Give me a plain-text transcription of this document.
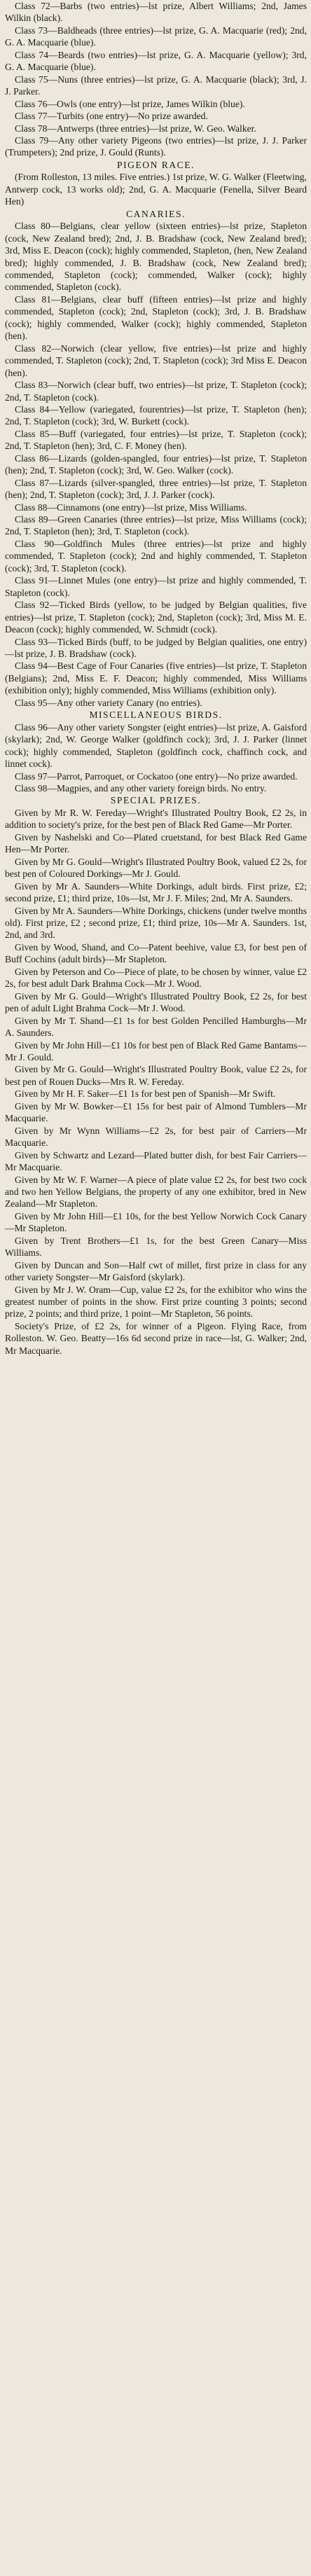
Class 72—Barbs (two entries)—lst prize, Albert Williams; 2nd, James Wilkin (black).

Class 73—Baldheads (three entries)—lst prize, G. A. Macquarie (red); 2nd, G. A. Macquarie (blue).

Class 74—Beards (two entries)—lst prize, G. A. Macquarie (yellow); 3rd, G. A. Macquarie (blue).

Class 75—Nuns (three entries)—lst prize, G. A. Macquarie (black); 3rd, J. J. Parker.

Class 76—Owls (one entry)—lst prize, James Wilkin (blue).

Class 77—Turbits (one entry)—No prize awarded.

Class 78—Antwerps (three entries)—lst prize, W. Geo. Walker.

Class 79—Any other variety Pigeons (two entries)—lst prize, J. J. Parker (Trumpeters); 2nd prize, J. Gould (Runts).

PIGEON RACE.

(From Rolleston, 13 miles. Five entries.) 1st prize, W. G. Walker (Fleetwing, Antwerp cock, 13 works old); 2nd, G. A. Macquarie (Fenella, Silver Beard Hen)

CANARIES.

Class 80—Belgians, clear yellow (sixteen entries)—lst prize, Stapleton (cock, New Zealand bred); 2nd, J. B. Bradshaw (cock, New Zealand bred); 3rd, Miss E. Deacon (cock); highly commended, Stapleton, (hen, New Zealand bred); highly commended, J. B. Bradshaw (cock, New Zealand bred); commended, Stapleton (cock); commended, Walker (cock); highly commended, Stapleton (cock).

Class 81—Belgians, clear buff (fifteen entries)—lst prize and highly commended, Stapleton (cock); 2nd, Stapleton (cock); 3rd, J. B. Bradshaw (cock); highly commended, Walker (cock); highly commended, Stapleton (hen).

Class 82—Norwich (clear yellow, five entries)—lst prize and highly commended, T. Stapleton (cock); 2nd, T. Stapleton (cock); 3rd Miss E. Deacon (hen).

Class 83—Norwich (clear buff, two entries)—lst prize, T. Stapleton (cock); 2nd, T. Stapleton (cock).

Class 84—Yellow (variegated, fourentries)—lst prize, T. Stapleton (hen); 2nd, T. Stapleton (cock); 3rd, W. Burkett (cock).

Class 85—Buff (variegated, four entries)—lst prize, T. Stapleton (cock); 2nd, T. Stapleton (hen); 3rd, C. F. Money (hen).

Class 86—Lizards (golden-spangled, four entries)—lst prize, T. Stapleton (hen); 2nd, T. Stapleton (cock); 3rd, W. Geo. Walker (cock).

Class 87—Lizards (silver-spangled, three entries)—lst prize, T. Stapleton (hen); 2nd, T. Stapleton (cock); 3rd, J. J. Parker (cock).

Class 88—Cinnamons (one entry)—lst prize, Miss Williams.

Class 89—Green Canaries (three entries)—lst prize, Miss Williams (cock); 2nd, T. Stapleton (hen); 3rd, T. Stapleton (cock).

Class 90—Goldfinch Mules (three entries)—lst prize and highly commended, T. Stapleton (cock); 2nd and highly commended, T. Stapleton (cock); 3rd, T. Stapleton (cock).

Class 91—Linnet Mules (one entry)—lst prize and highly commended, T. Stapleton (cock).

Class 92—Ticked Birds (yellow, to be judged by Belgian qualities, five entries)—lst prize, T. Stapleton (cock); 2nd, Stapleton (cock); 3rd, Miss M. E. Deacon (cock); highly commended, W. Schmidt (cock).

Class 93—Ticked Birds (buff, to be judged by Belgian qualities, one entry)—lst prize, J. B. Bradshaw (cock).

Class 94—Best Cage of Four Canaries (five entries)—lst prize, T. Stapleton (Belgians); 2nd, Miss E. F. Deacon; highly commended, Miss Williams (exhibition only); highly commended, Miss Williams (exhibition only).

Class 95—Any other variety Canary (no entries).

MISCELLANEOUS BIRDS.

Class 96—Any other variety Songster (eight entries)—lst prize, A. Gaisford (skylark); 2nd, W. George Walker (goldfinch cock); 3rd, J. J. Parker (linnet cock); highly commended, Stapleton (goldfinch cock, chaffinch cock, and linnet cock).

Class 97—Parrot, Parroquet, or Cockatoo (one entry)—No prize awarded.

Class 98—Magpies, and any other variety foreign birds. No entry.

SPECIAL PRIZES.

Given by Mr R. W. Fereday—Wright's Illustrated Poultry Book, £2 2s, in addition to society's prize, for the best pen of Black Red Game—Mr Porter.

Given by Nashelski and Co—Plated cruetstand, for best Black Red Game Hen—Mr Porter.

Given by Mr G. Gould—Wright's Illustrated Poultry Book, valued £2 2s, for best pen of Coloured Dorkings—Mr J. Gould.

Given by Mr A. Saunders—White Dorkings, adult birds. First prize, £2; second prize, £1; third prize, 10s—lst, Mr J. F. Miles; 2nd, Mr A. Saunders.

Given by Mr A. Saunders—White Dorkings, chickens (under twelve months old). First prize, £2 ; second prize, £1; third prize, 10s—Mr A. Saunders. 1st, 2nd, and 3rd.

Given by Wood, Shand, and Co—Patent beehive, value £3, for best pen of Buff Cochins (adult birds)—Mr Stapleton.

Given by Peterson and Co—Piece of plate, to be chosen by winner, value £2 2s, for best adult Dark Brahma Cock—Mr J. Wood.

Given by Mr G. Gould—Wright's Illustrated Poultry Book, £2 2s, for best pen of adult Light Brahma Cock—Mr J. Wood.

Given by Mr T. Shand—£1 1s for best Golden Pencilled Hamburghs—Mr A. Saunders.

Given by Mr John Hill—£1 10s for best pen of Black Red Game Bantams—Mr J. Gould.

Given by Mr G. Gould—Wright's Illustrated Poultry Book, value £2 2s, for best pen of Rouen Ducks—Mrs R. W. Fereday.

Given by Mr H. F. Saker—£1 1s for best pen of Spanish—Mr Swift.

Given by Mr W. Bowker—£1 15s for best pair of Almond Tumblers—Mr Macquarie.

Given by Mr Wynn Williams—£2 2s, for best pair of Carriers—Mr Macquarie.

Given by Schwartz and Lezard—Plated butter dish, for best Fair Carriers—Mr Macquarie.

Given by Mr W. F. Warner—A piece of plate value £2 2s, for best two cock and two hen Yellow Belgians, the property of any one exhibitor, bred in New Zealand—Mr Stapleton.

Given by Mr John Hill—£1 10s, for the best Yellow Norwich Cock Canary—Mr Stapleton.

Given by Trent Brothers—£1 1s, for the best Green Canary—Miss Williams.

Given by Duncan and Son—Half cwt of millet, first prize in class for any other variety Songster—Mr Gaisford (skylark).

Given by Mr J. W. Oram—Cup, value £2 2s, for the exhibitor who wins the greatest number of points in the show. First prize counting 3 points; second prize, 2 points; and third prize, 1 point—Mr Stapleton, 56 points.

Society's Prize, of £2 2s, for winner of a Pigeon. Flying Race, from Rolleston. W. Geo. Beatty—16s 6d second prize in race—lst, G. Walker; 2nd, Mr Macquarie.
